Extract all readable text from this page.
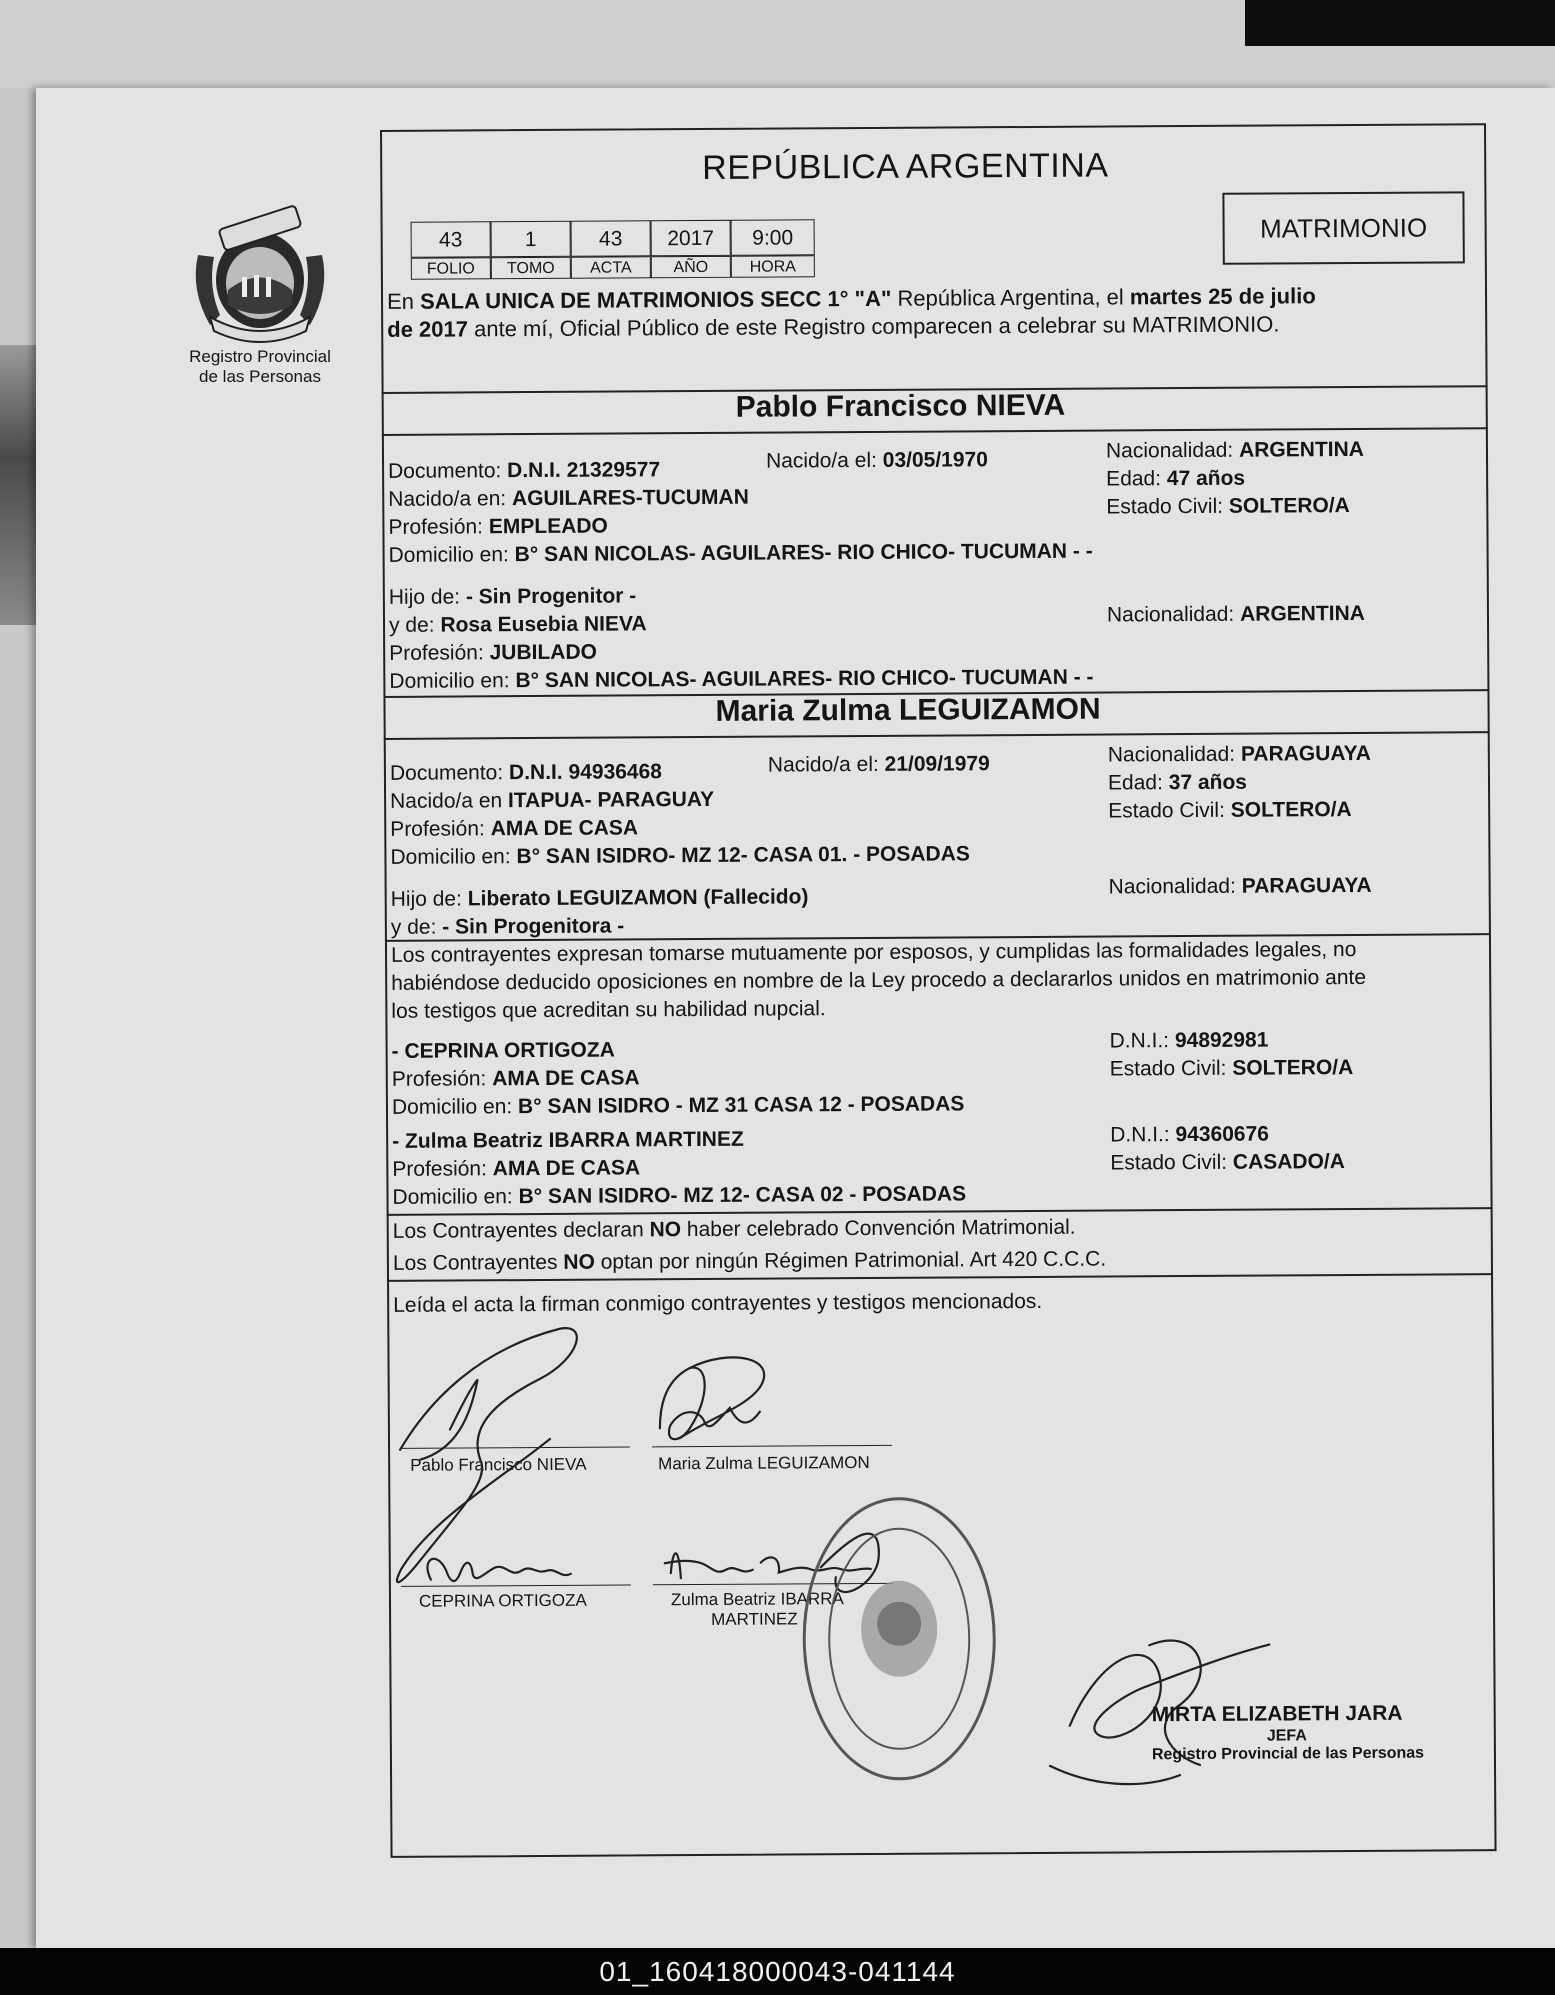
Registro Provincial
de las Personas
REPÚBLICA ARGENTINA
MATRIMONIO
43	1	43	2017	9:00
FOLIO	TOMO	ACTA	AÑO	HORA
En SALA UNICA DE MATRIMONIOS SECC 1° "A" República Argentina, el martes 25 de julio
de 2017 ante mí, Oficial Público de este Registro comparecen a celebrar su MATRIMONIO.
Pablo Francisco NIEVA
Documento: D.N.I. 21329577	Nacido/a el: 03/05/1970	Nacionalidad: ARGENTINA
Edad: 47 años
Estado Civil: SOLTERO/A
Nacido/a en: AGUILARES-TUCUMAN
Profesión: EMPLEADO
Domicilio en: B° SAN NICOLAS- AGUILARES- RIO CHICO- TUCUMAN - -
Hijo de: - Sin Progenitor -
y de: Rosa Eusebia NIEVA	Nacionalidad: ARGENTINA
Profesión: JUBILADO
Domicilio en: B° SAN NICOLAS- AGUILARES- RIO CHICO- TUCUMAN - -
Maria Zulma LEGUIZAMON
Documento: D.N.I. 94936468	Nacido/a el: 21/09/1979	Nacionalidad: PARAGUAYA
Edad: 37 años
Estado Civil: SOLTERO/A
Nacido/a en ITAPUA- PARAGUAY
Profesión: AMA DE CASA
Domicilio en: B° SAN ISIDRO- MZ 12- CASA 01. - POSADAS
Hijo de: Liberato LEGUIZAMON (Fallecido)	Nacionalidad: PARAGUAYA
y de: - Sin Progenitora -
Los contrayentes expresan tomarse mutuamente por esposos, y cumplidas las formalidades legales, no
habiéndose deducido oposiciones en nombre de la Ley procedo a declararlos unidos en matrimonio ante
los testigos que acreditan su habilidad nupcial.
- CEPRINA ORTIGOZA
Profesión: AMA DE CASA
Domicilio en: B° SAN ISIDRO - MZ 31 CASA 12 - POSADAS
D.N.I.: 94892981
Estado Civil: SOLTERO/A
- Zulma Beatriz IBARRA MARTINEZ
Profesión: AMA DE CASA
Domicilio en: B° SAN ISIDRO- MZ 12- CASA 02 - POSADAS
D.N.I.: 94360676
Estado Civil: CASADO/A
Los Contrayentes declaran NO haber celebrado Convención Matrimonial.
Los Contrayentes NO optan por ningún Régimen Patrimonial. Art 420 C.C.C.
Leída el acta la firman conmigo contrayentes y testigos mencionados.
Pablo Francisco NIEVA	Maria Zulma LEGUIZAMON
CEPRINA ORTIGOZA	Zulma Beatriz IBARRA
MARTINEZ
MIRTA ELIZABETH JARA
JEFA
Registro Provincial de las Personas
01_160418000043-041144
